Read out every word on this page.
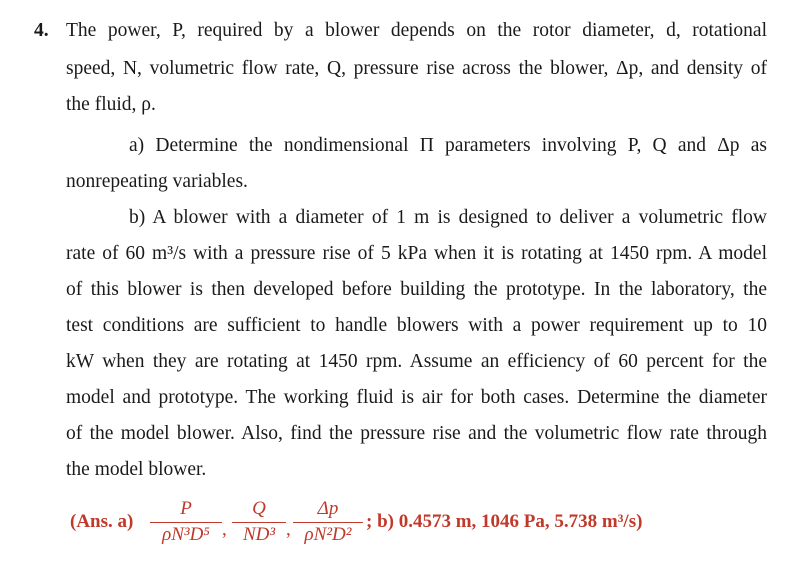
4. The power, P, required by a blower depends on the rotor diameter, d, rotational
speed, N, volumetric flow rate, Q, pressure rise across the blower, Δp, and density of
the fluid, ρ.
a) Determine the nondimensional Π parameters involving P, Q and Δp as
nonrepeating variables.
b) A blower with a diameter of 1 m is designed to deliver a volumetric flow
rate of 60 m³/s with a pressure rise of 5 kPa when it is rotating at 1450 rpm. A model
of this blower is then developed before building the prototype. In the laboratory, the
test conditions are sufficient to handle blowers with a power requirement up to 10
kW when they are rotating at 1450 rpm. Assume an efficiency of 60 percent for the
model and prototype. The working fluid is air for both cases. Determine the diameter
of the model blower. Also, find the pressure rise and the volumetric flow rate through
the model blower.
(Ans. a)
P
ρN³D⁵ ,
Q
ND³ ,
Δp
ρN²D²
; b) 0.4573 m, 1046 Pa, 5.738 m³/s)
